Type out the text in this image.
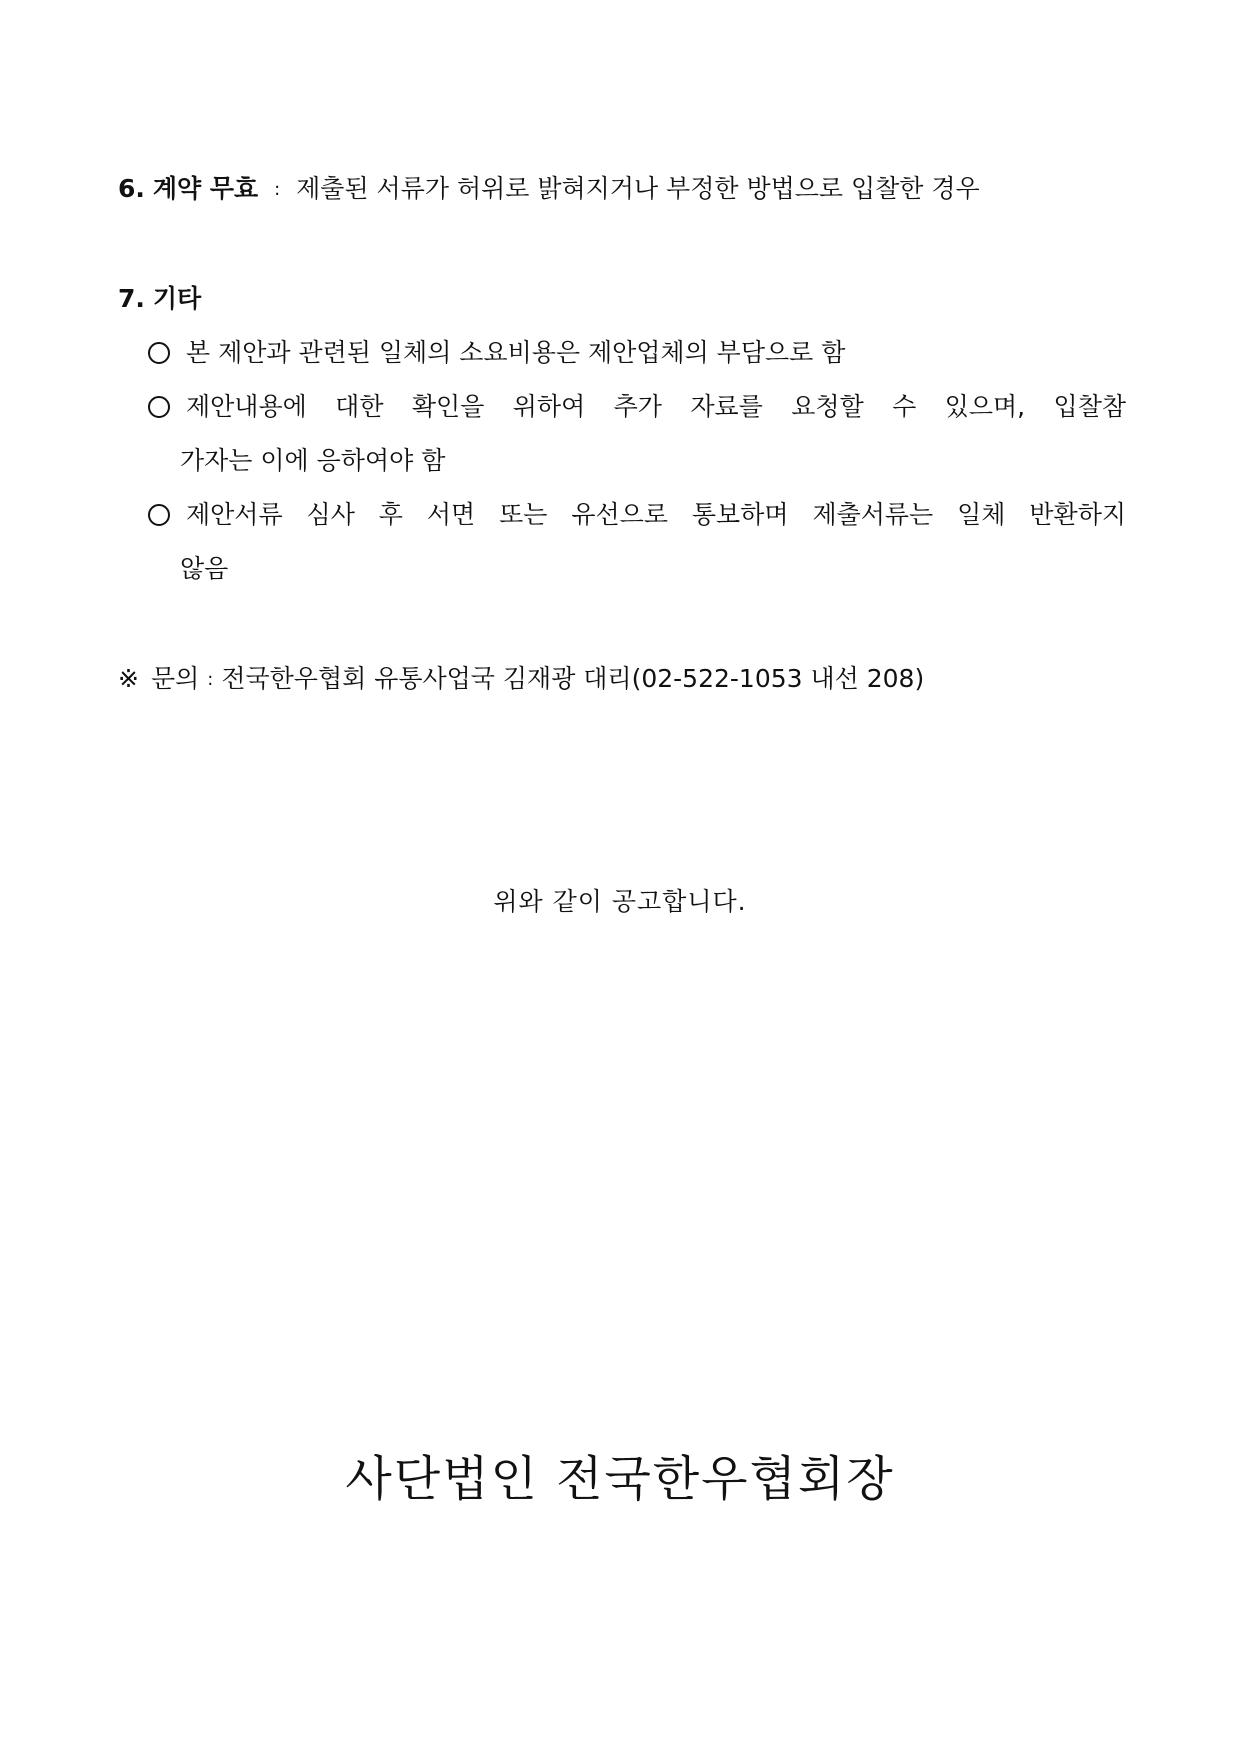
6. 계약 무효 : 제출된 서류가 허위로 밝혀지거나 부정한 방법으로 입찰한 경우
7. 기타
본 제안과 관련된 일체의 소요비용은 제안업체의 부담으로 함
제안내용에 대한 확인을 위하여 추가 자료를 요청할 수 있으며, 입찰참
가자는 이에 응하여야 함
제안서류 심사 후 서면 또는 유선으로 통보하며 제출서류는 일체 반환하지
않음
※ 문의 : 전국한우협회 유통사업국 김재광 대리(02-522-1053 내선 208)
위와 같이 공고합니다.
사단법인 전국한우협회장
